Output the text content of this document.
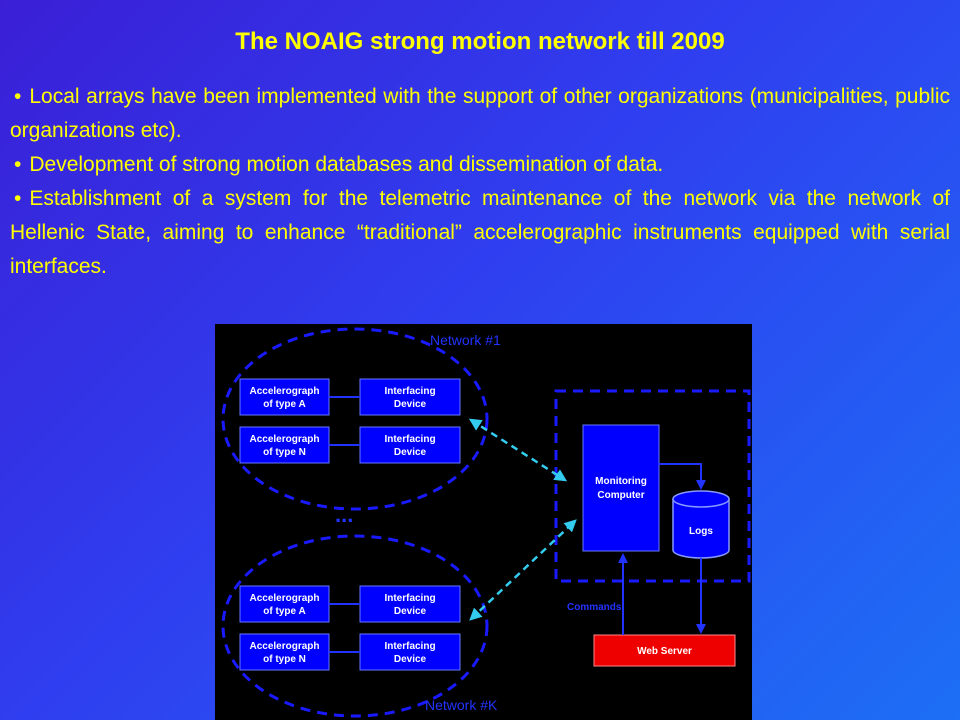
The NOAIG strong motion network till 2009
• Local arrays have been implemented with the support of other organizations (municipalities, public organizations etc).
• Development of strong motion databases and dissemination of data.
• Establishment of a system for the telemetric maintenance of the network via the network of Hellenic State, aiming to enhance “traditional” accelerographic instruments equipped with serial interfaces.
Network #1
Network #K
...
Accelerograph of type A
Interfacing Device
Accelerograph of type N
Interfacing Device
Accelerograph of type A
Interfacing Device
Accelerograph of type N
Interfacing Device
Monitoring Computer
Logs
Web Server
Commands
